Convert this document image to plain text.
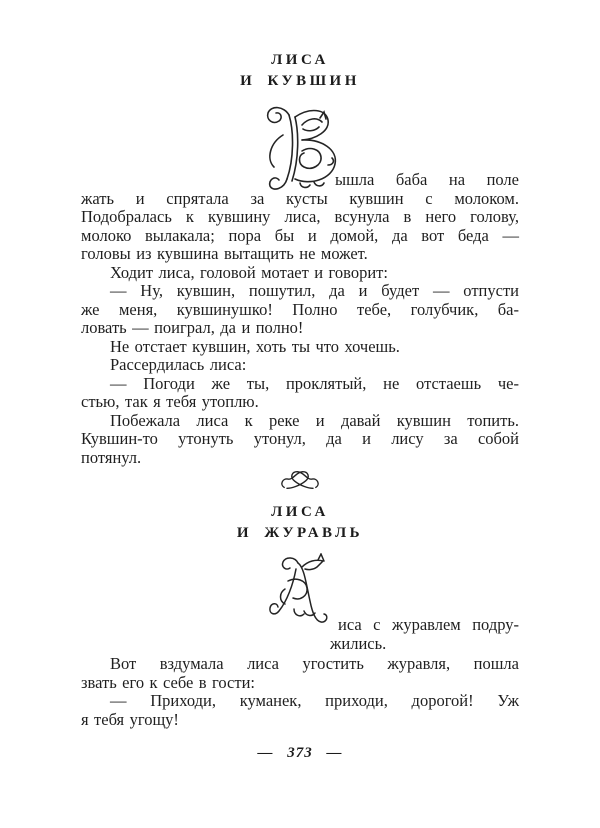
ЛИСА
И КУВШИН
ышла баба на поле
жать и спрятала за кусты кувшин с молоком.
Подобралась к кувшину лиса, всунула в него голову,
молоко вылакала; пора бы и домой, да вот беда —
головы из кувшина вытащить не может.
Ходит лиса, головой мотает и говорит:
— Ну, кувшин, пошутил, да и будет — отпусти
же меня, кувшинушко! Полно тебе, голубчик, ба-
ловать — поиграл, да и полно!
Не отстает кувшин, хоть ты что хочешь.
Рассердилась лиса:
— Погоди же ты, проклятый, не отстаешь че-
стью, так я тебя утоплю.
Побежала лиса к реке и давай кувшин топить.
Кувшин-то утонуть утонул, да и лису за собой
потянул.
ЛИСА
И ЖУРАВЛЬ
иса с журавлем подру-
жились.
Вот вздумала лиса угостить журавля, пошла
звать его к себе в гости:
— Приходи, куманек, приходи, дорогой! Уж
я тебя угощу!
— 373 —
